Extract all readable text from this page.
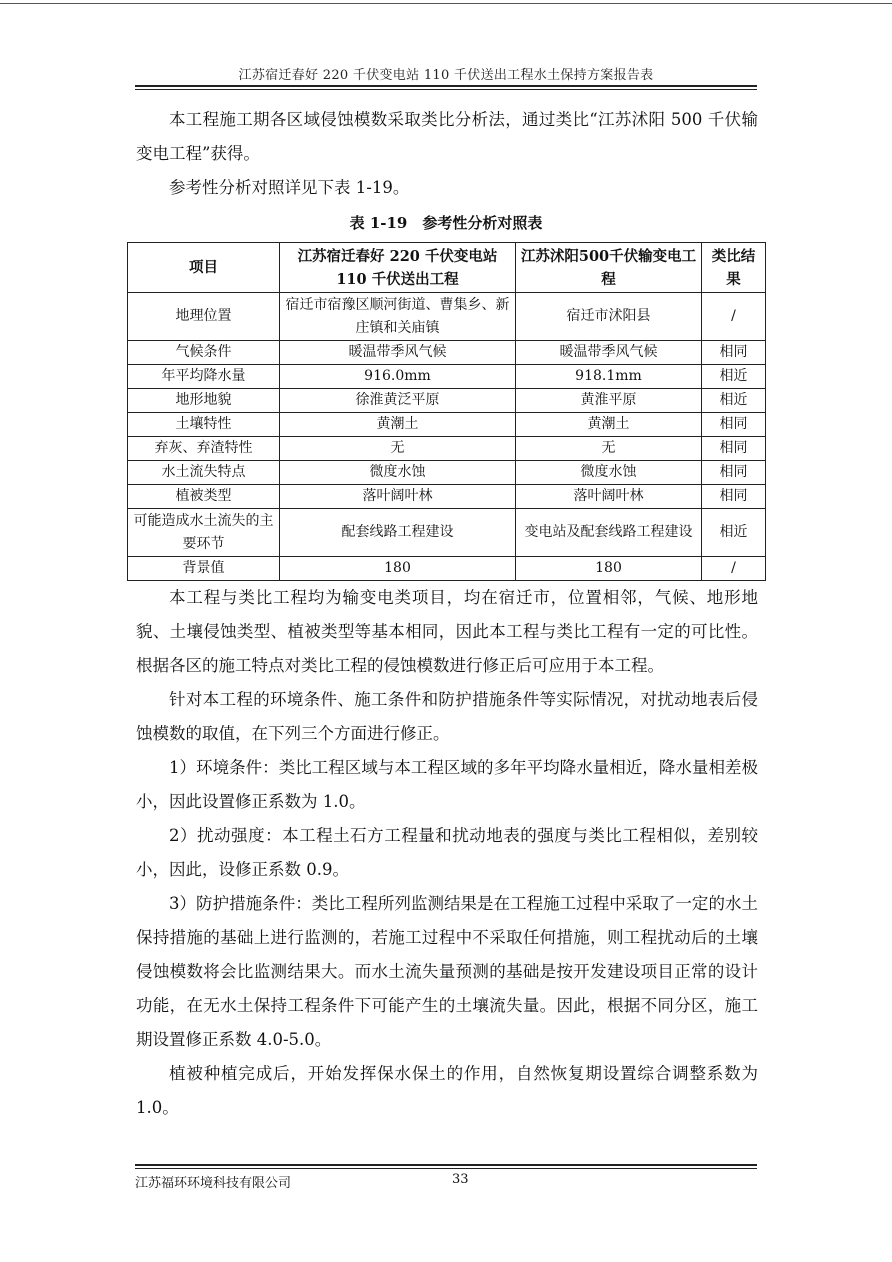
江苏宿迁春好 220 千伏变电站 110 千伏送出工程水土保持方案报告表

本工程施工期各区域侵蚀模数采取类比分析法，通过类比“江苏沭阳 500 千伏输变电工程”获得。

参考性分析对照详见下表 1-19。

表 1-19　参考性分析对照表
项目	江苏宿迁春好 220 千伏变电站 110 千伏送出工程	江苏沭阳500千伏输变电工程	类比结果
地理位置	宿迁市宿豫区顺河街道、曹集乡、新庄镇和关庙镇	宿迁市沭阳县	/
气候条件	暖温带季风气候	暖温带季风气候	相同
年平均降水量	916.0mm	918.1mm	相近
地形地貌	徐淮黄泛平原	黄淮平原	相近
土壤特性	黄潮土	黄潮土	相同
弃灰、弃渣特性	无	无	相同
水土流失特点	微度水蚀	微度水蚀	相同
植被类型	落叶阔叶林	落叶阔叶林	相同
可能造成水土流失的主要环节	配套线路工程建设	变电站及配套线路工程建设	相近
背景值	180	180	/

本工程与类比工程均为输变电类项目，均在宿迁市，位置相邻，气候、地形地貌、土壤侵蚀类型、植被类型等基本相同，因此本工程与类比工程有一定的可比性。根据各区的施工特点对类比工程的侵蚀模数进行修正后可应用于本工程。

针对本工程的环境条件、施工条件和防护措施条件等实际情况，对扰动地表后侵蚀模数的取值，在下列三个方面进行修正。

1）环境条件：类比工程区域与本工程区域的多年平均降水量相近，降水量相差极小，因此设置修正系数为 1.0。

2）扰动强度：本工程土石方工程量和扰动地表的强度与类比工程相似，差别较小，因此，设修正系数 0.9。

3）防护措施条件：类比工程所列监测结果是在工程施工过程中采取了一定的水土保持措施的基础上进行监测的，若施工过程中不采取任何措施，则工程扰动后的土壤侵蚀模数将会比监测结果大。而水土流失量预测的基础是按开发建设项目正常的设计功能，在无水土保持工程条件下可能产生的土壤流失量。因此，根据不同分区，施工期设置修正系数 4.0-5.0。

植被种植完成后，开始发挥保水保土的作用，自然恢复期设置综合调整系数为 1.0。

江苏福环环境科技有限公司	33
